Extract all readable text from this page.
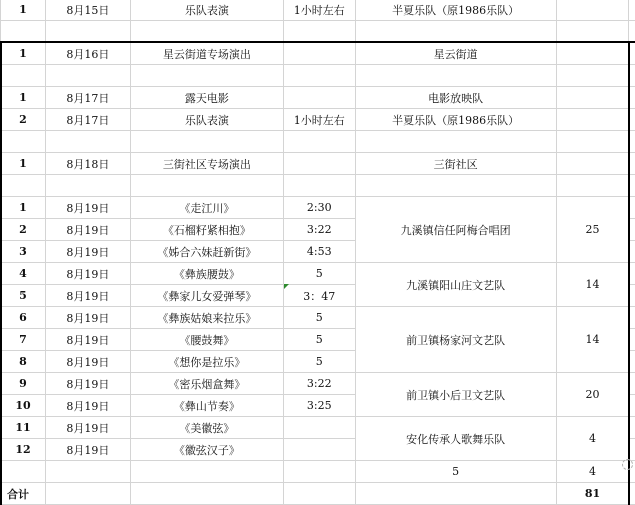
1	8月15日	乐队表演	1小时左右	半夏乐队（原1986乐队）		

1	8月16日	星云街道专场演出		星云街道		

1	8月17日	露天电影		电影放映队		
2	8月17日	乐队表演	1小时左右	半夏乐队（原1986乐队）		

1	8月18日	三街社区专场演出		三街社区		

1	8月19日	《走江川》	2:30	九溪镇信任阿梅合唱团	25	
2	8月19日	《石榴籽紧相抱》	3:22			
3	8月19日	《姊合六妹赶新街》	4:53			
4	8月19日	《彝族腰鼓》	5	九溪镇阳山庄文艺队	14	
5	8月19日	《彝家儿女爱弹琴》	3：47			
6	8月19日	《彝族姑娘来拉乐》	5	前卫镇杨家河文艺队	14	
7	8月19日	《腰鼓舞》	5			
8	8月19日	《想你是拉乐》	5			
9	8月19日	《密乐烟盒舞》	3:22	前卫镇小后卫文艺队	20	
10	8月19日	《彝山节奏》	3:25			
11	8月19日	《美徽弦》		安化传承人歌舞乐队	4	
12	8月19日	《徽弦汉子》				
				5	4	
合计					81	
